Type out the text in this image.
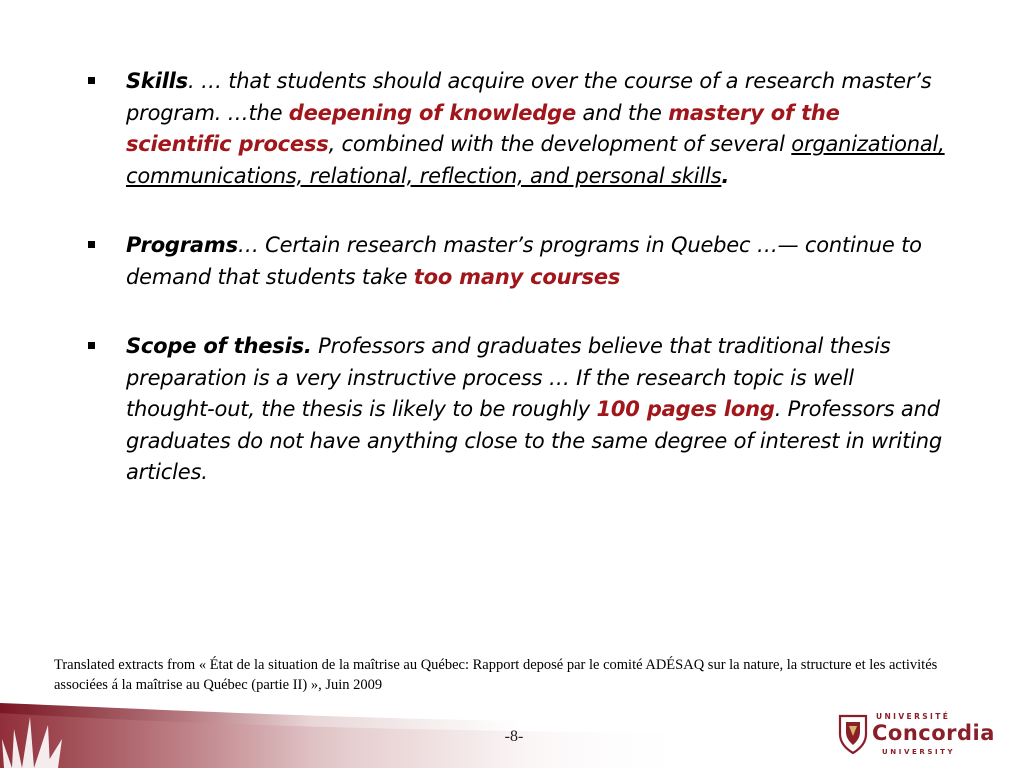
Skills. … that students should acquire over the course of a research master’s program. …the deepening of knowledge and the mastery of the scientific process, combined with the development of several organizational, communications, relational, reflection, and personal skills.
Programs… Certain research master’s programs in Quebec …— continue to demand that students take too many courses
Scope of thesis. Professors and graduates believe that traditional thesis preparation is a very instructive process … If the research topic is well thought-out, the thesis is likely to be roughly 100 pages long. Professors and graduates do not have anything close to the same degree of interest in writing articles.
Translated extracts from « État de la situation de la maîtrise au Québec: Rapport deposé par le comité ADÉSAQ sur la nature, la structure et les activités associées á la maîtrise au Québec (partie II) », Juin 2009
-8-
UNIVERSITÉ
Concordia
UNIVERSITY
